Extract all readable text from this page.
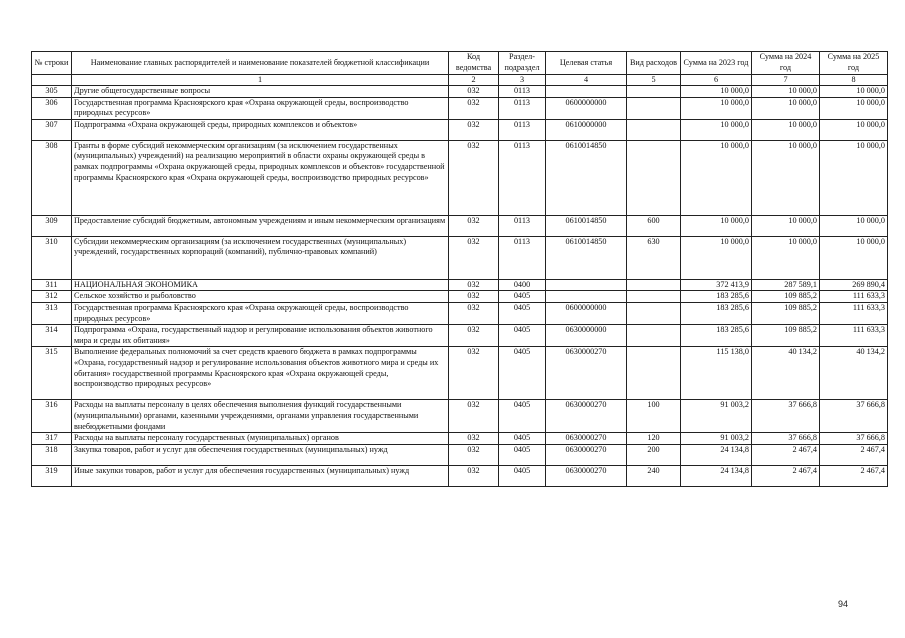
№ строки	Наименование главных распорядителей и наименование показателей бюджетной классификации	Код ведомства	Раздел-подраздел	Целевая статья	Вид расходов	Сумма на 2023 год	Сумма на 2024 год	Сумма на 2025 год
	1	2	3	4	5	6	7	8
305	Другие общегосударственные вопросы	032	0113			10 000,0	10 000,0	10 000,0
306	Государственная программа Красноярского края «Охрана окружающей среды, воспроизводство природных ресурсов»	032	0113	0600000000		10 000,0	10 000,0	10 000,0
307	Подпрограмма «Охрана окружающей среды, природных комплексов и объектов»	032	0113	0610000000		10 000,0	10 000,0	10 000,0
308	Гранты в форме субсидий некоммерческим организациям (за исключением государственных (муниципальных) учреждений) на реализацию мероприятий в области охраны окружающей среды в рамках подпрограммы «Охрана окружающей среды, природных комплексов и объектов» государственной программы Красноярского края «Охрана окружающей среды, воспроизводство природных ресурсов»	032	0113	0610014850		10 000,0	10 000,0	10 000,0
309	Предоставление субсидий бюджетным, автономным учреждениям и иным некоммерческим организациям	032	0113	0610014850	600	10 000,0	10 000,0	10 000,0
310	Субсидии некоммерческим организациям (за исключением государственных (муниципальных) учреждений, государственных корпораций (компаний), публично-правовых компаний)	032	0113	0610014850	630	10 000,0	10 000,0	10 000,0
311	НАЦИОНАЛЬНАЯ ЭКОНОМИКА	032	0400			372 413,9	287 589,1	269 890,4
312	Сельское хозяйство и рыболовство	032	0405			183 285,6	109 885,2	111 633,3
313	Государственная программа Красноярского края «Охрана окружающей среды, воспроизводство природных ресурсов»	032	0405	0600000000		183 285,6	109 885,2	111 633,3
314	Подпрограмма «Охрана, государственный надзор и регулирование использования объектов животного мира и среды их обитания»	032	0405	0630000000		183 285,6	109 885,2	111 633,3
315	Выполнение федеральных полномочий за счет средств краевого бюджета в рамках подпрограммы «Охрана, государственный надзор и регулирование использования объектов животного мира и среды их обитания» государственной программы Красноярского края «Охрана окружающей среды, воспроизводство природных ресурсов»	032	0405	0630000270		115 138,0	40 134,2	40 134,2
316	Расходы на выплаты персоналу в целях обеспечения выполнения функций государственными (муниципальными) органами, казенными учреждениями, органами управления государственными внебюджетными фондами	032	0405	0630000270	100	91 003,2	37 666,8	37 666,8
317	Расходы на выплаты персоналу государственных (муниципальных) органов	032	0405	0630000270	120	91 003,2	37 666,8	37 666,8
318	Закупка товаров, работ и услуг для обеспечения государственных (муниципальных) нужд	032	0405	0630000270	200	24 134,8	2 467,4	2 467,4
319	Иные закупки товаров, работ и услуг для обеспечения государственных (муниципальных) нужд	032	0405	0630000270	240	24 134,8	2 467,4	2 467,4
94
